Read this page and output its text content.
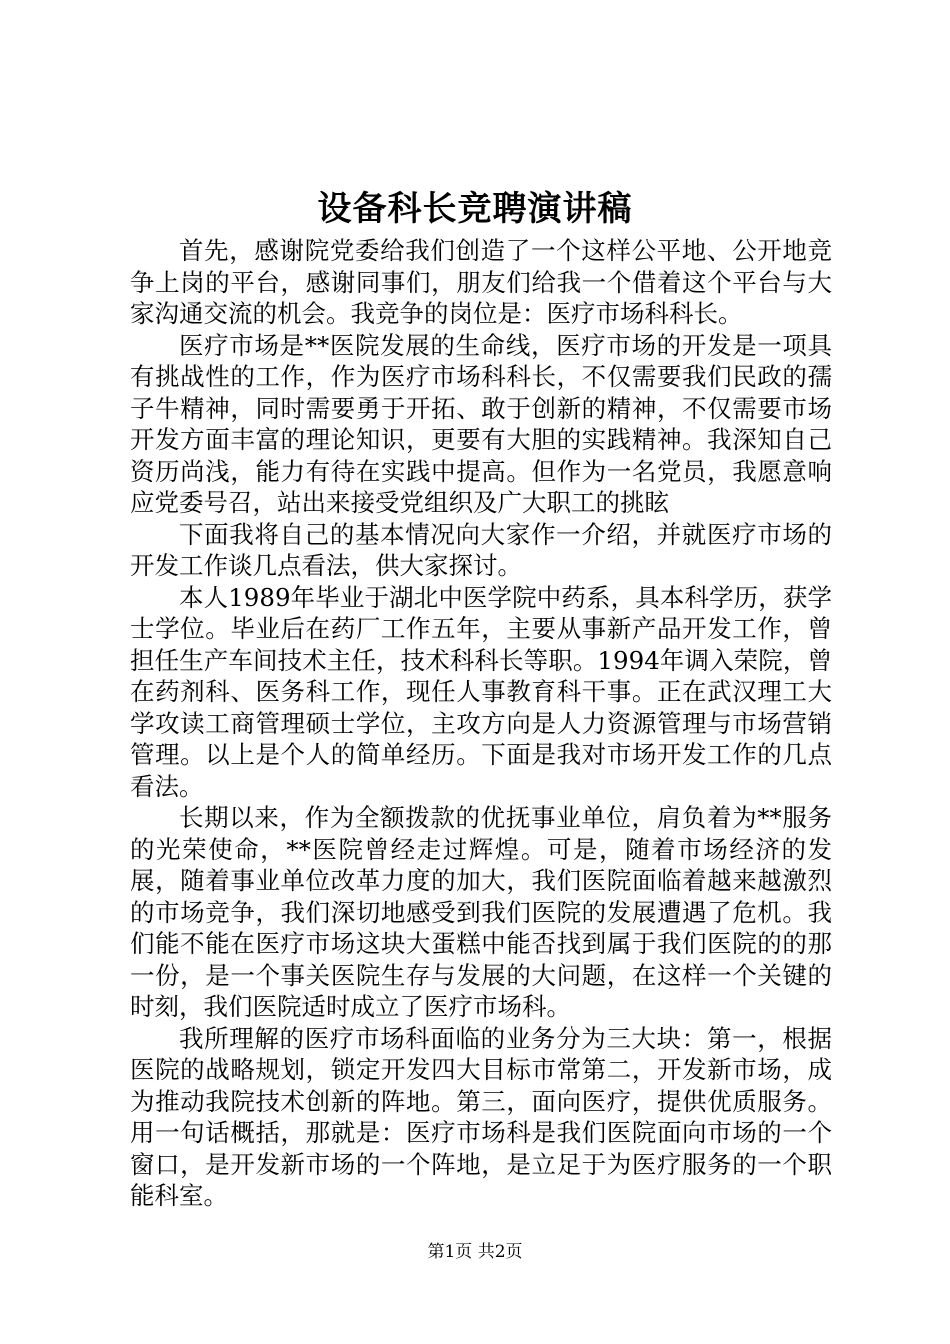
设备科长竞聘演讲稿

首先，感谢院党委给我们创造了一个这样公平地、公开地竞争上岗的平台，感谢同事们，朋友们给我一个借着这个平台与大家沟通交流的机会。我竞争的岗位是：医疗市场科科长。

医疗市场是**医院发展的生命线，医疗市场的开发是一项具有挑战性的工作，作为医疗市场科科长，不仅需要我们民政的孺子牛精神，同时需要勇于开拓、敢于创新的精神，不仅需要市场开发方面丰富的理论知识，更要有大胆的实践精神。我深知自己资历尚浅，能力有待在实践中提高。但作为一名党员，我愿意响应党委号召，站出来接受党组织及广大职工的挑眩

下面我将自己的基本情况向大家作一介绍，并就医疗市场的开发工作谈几点看法，供大家探讨。

本人1989年毕业于湖北中医学院中药系，具本科学历，获学士学位。毕业后在药厂工作五年，主要从事新产品开发工作，曾担任生产车间技术主任，技术科科长等职。1994年调入荣院，曾在药剂科、医务科工作，现任人事教育科干事。正在武汉理工大学攻读工商管理硕士学位，主攻方向是人力资源管理与市场营销管理。以上是个人的简单经历。下面是我对市场开发工作的几点看法。

长期以来，作为全额拨款的优抚事业单位，肩负着为**服务的光荣使命，**医院曾经走过辉煌。可是，随着市场经济的发展，随着事业单位改革力度的加大，我们医院面临着越来越激烈的市场竞争，我们深切地感受到我们医院的发展遭遇了危机。我们能不能在医疗市场这块大蛋糕中能否找到属于我们医院的的那一份，是一个事关医院生存与发展的大问题，在这样一个关键的时刻，我们医院适时成立了医疗市场科。

我所理解的医疗市场科面临的业务分为三大块：第一，根据医院的战略规划，锁定开发四大目标市常第二，开发新市场，成为推动我院技术创新的阵地。第三，面向医疗，提供优质服务。用一句话概括，那就是：医疗市场科是我们医院面向市场的一个窗口，是开发新市场的一个阵地，是立足于为医疗服务的一个职能科室。

第1页 共2页
